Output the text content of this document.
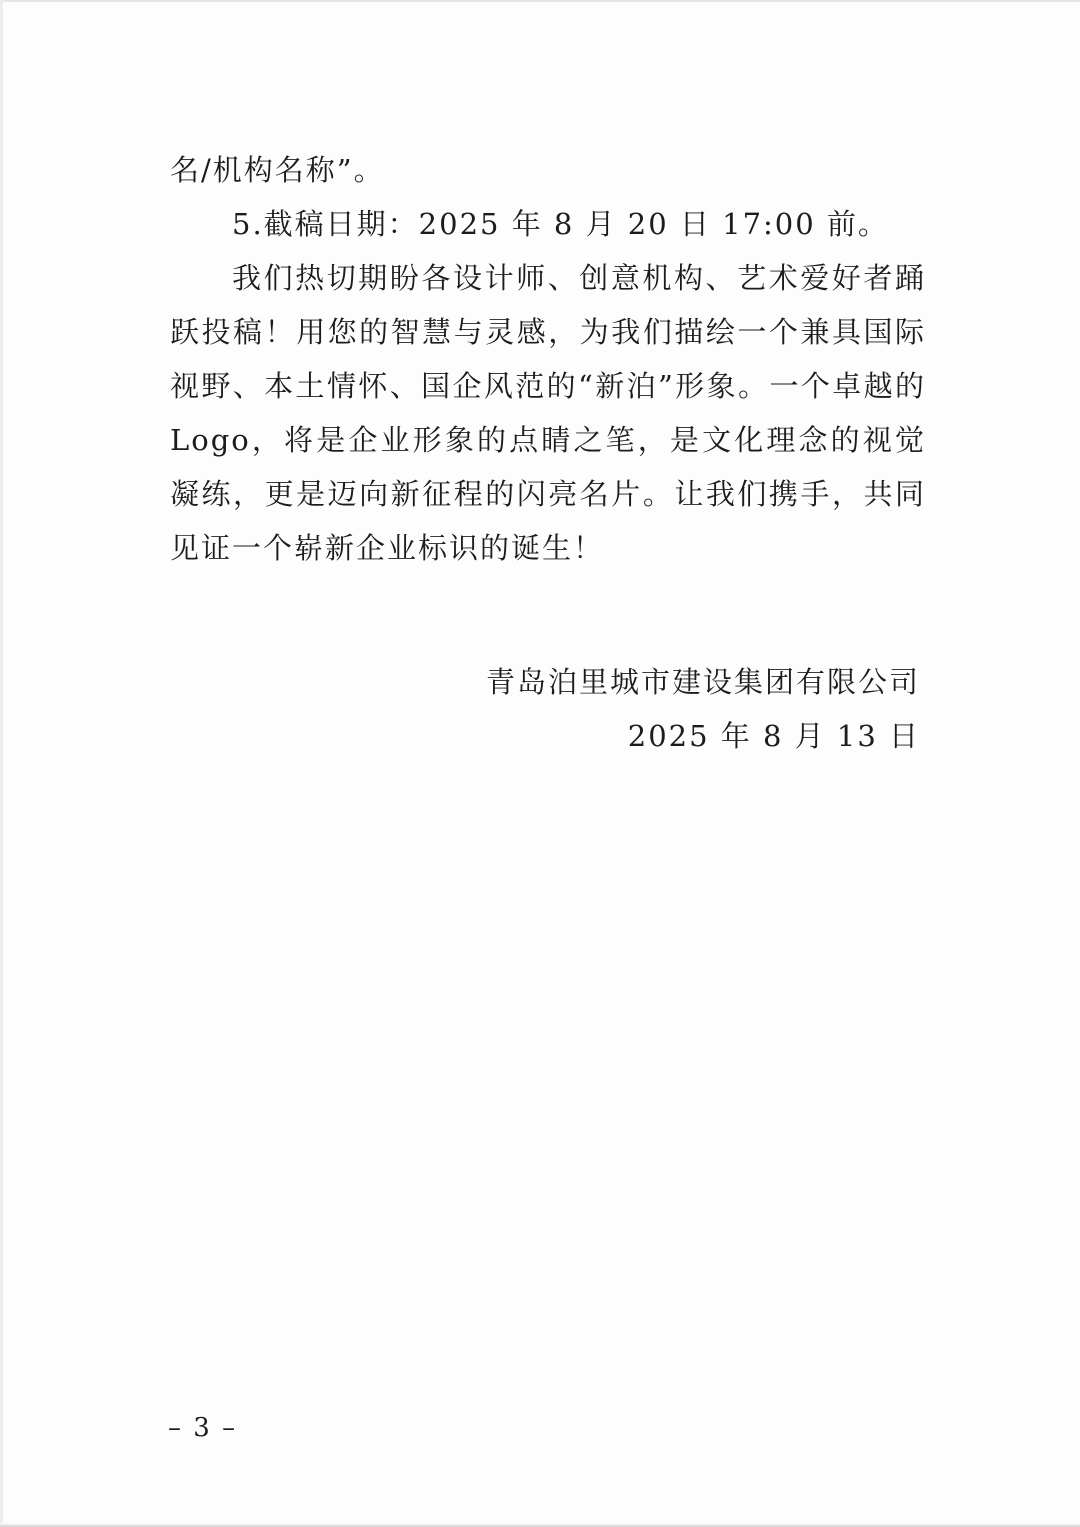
名/机构名称”。

5.截稿日期：2025 年 8 月 20 日 17:00 前。

我们热切期盼各设计师、创意机构、艺术爱好者踊跃投稿！用您的智慧与灵感，为我们描绘一个兼具国际视野、本土情怀、国企风范的“新泊”形象。一个卓越的 Logo，将是企业形象的点睛之笔，是文化理念的视觉凝练，更是迈向新征程的闪亮名片。让我们携手，共同见证一个崭新企业标识的诞生！

青岛泊里城市建设集团有限公司
2025 年 8 月 13 日
– 3 –
